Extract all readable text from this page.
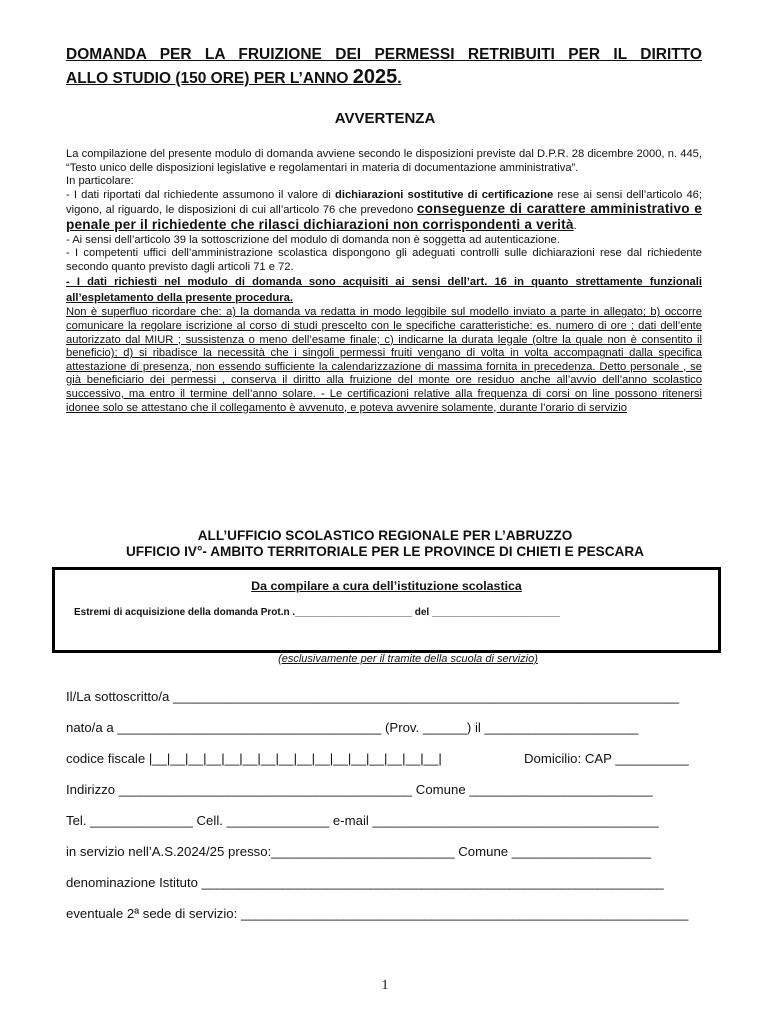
DOMANDA PER LA FRUIZIONE DEI PERMESSI RETRIBUITI PER IL DIRITTO
ALLO STUDIO (150 ORE) PER L’ANNO 2025.
AVVERTENZA

La compilazione del presente modulo di domanda avviene secondo le disposizioni previste dal D.P.R. 28 dicembre 2000, n. 445, “Testo unico delle disposizioni legislative e regolamentari in materia di documentazione amministrativa”.

In particolare:

- I dati riportati dal richiedente assumono il valore di dichiarazioni sostitutive di certificazione rese ai sensi dell’articolo 46; vigono, al riguardo, le disposizioni di cui all’articolo 76 che prevedono conseguenze di carattere amministrativo e penale per il richiedente che rilasci dichiarazioni non corrispondenti a verità.

- Ai sensi dell’articolo 39 la sottoscrizione del modulo di domanda non è soggetta ad autenticazione.

- I competenti uffici dell’amministrazione scolastica dispongono gli adeguati controlli sulle dichiarazioni rese dal richiedente secondo quanto previsto dagli articoli 71 e 72.

- I dati richiesti nel modulo di domanda sono acquisiti ai sensi dell’art. 16 in quanto strettamente funzionali all’espletamento della presente procedura.

Non è superfluo ricordare che: a) la domanda va redatta in modo leggibile sul modello inviato a parte in allegato; b) occorre comunicare la regolare iscrizione al corso di studi prescelto con le specifiche caratteristiche: es. numero di ore ; dati dell’ente autorizzato dal MIUR ; sussistenza o meno dell’esame finale; c) indicarne la durata legale (oltre la quale non è consentito il beneficio); d) si ribadisce la necessità che i singoli permessi fruiti vengano di volta in volta accompagnati dalla specifica attestazione di presenza, non essendo sufficiente la calendarizzazione di massima fornita in precedenza. Detto personale , se già beneficiario dei permessi , conserva il diritto alla fruizione del monte ore residuo anche all’avvio dell’anno scolastico successivo, ma entro il termine dell’anno solare. - Le certificazioni relative alla frequenza di corsi on line possono ritenersi idonee solo se attestano che il collegamento è avvenuto, e poteva avvenire solamente, durante l’orario di servizio

ALL’UFFICIO SCOLASTICO REGIONALE PER L’ABRUZZO
UFFICIO IV°- AMBITO TERRITORIALE PER LE PROVINCE DI CHIETI E PESCARA
Da compilare a cura dell’istituzione scolastica
Estremi di acquisizione della domanda Prot.n ._____________________ del _______________________
(esclusivamente per il tramite della scuola di servizio)
Il/La sottoscritto/a _____________________________________________________________________
nato/a a ____________________________________ (Prov. ______) il _____________________
codice fiscale |__|__|__|__|__|__|__|__|__|__|__|__|__|__|__|__|	Domicilio: CAP __________
Indirizzo ________________________________________ Comune _________________________
Tel. ______________ Cell. ______________ e-mail _______________________________________
in servizio nell’A.S.2024/25 presso:_________________________ Comune ___________________
denominazione Istituto _______________________________________________________________
eventuale 2ª sede di servizio: _____________________________________________________________
1
